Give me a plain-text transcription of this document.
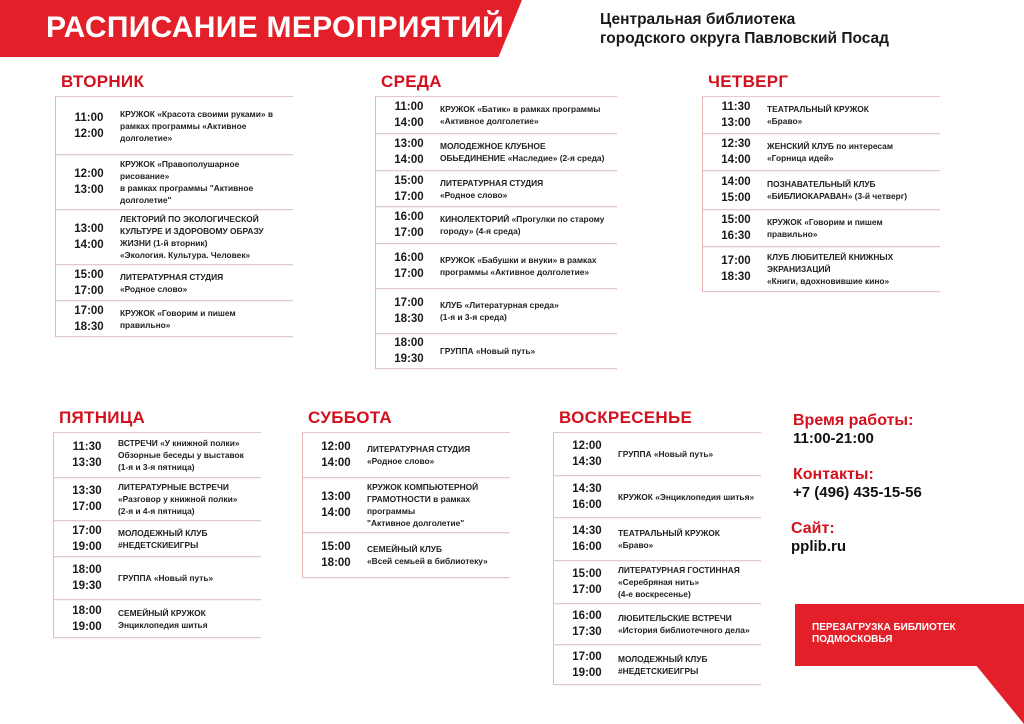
РАСПИСАНИЕ МЕРОПРИЯТИЙ	Центральная библиотека
городского округа Павловский Посад
ВТОРНИК
11:00
12:00
КРУЖОК «Красота своими руками» в
рамках программы «Активное
долголетие»
12:00
13:00
КРУЖОК «Правополушарное
рисование»
в рамках программы "Активное
долголетие"
13:00
14:00
ЛЕКТОРИЙ ПО ЭКОЛОГИЧЕСКОЙ
КУЛЬТУРЕ И ЗДОРОВОМУ ОБРАЗУ
ЖИЗНИ (1-й вторник)
«Экология. Культура. Человек»
15:00
17:00
ЛИТЕРАТУРНАЯ СТУДИЯ
«Родное слово»
17:00
18:30
КРУЖОК «Говорим и пишем
правильно»
СРЕДА
11:00
14:00
КРУЖОК «Батик» в рамках программы
«Активное долголетие»
13:00
14:00
МОЛОДЕЖНОЕ КЛУБНОЕ
ОБЬЕДИНЕНИЕ «Наследие» (2-я среда)
15:00
17:00
ЛИТЕРАТУРНАЯ СТУДИЯ
«Родное слово»
16:00
17:00
КИНОЛЕКТОРИЙ «Прогулки по старому
городу» (4-я среда)
16:00
17:00
КРУЖОК «Бабушки и внуки» в рамках
программы «Активное долголетие»
17:00
18:30
КЛУБ «Литературная среда»
(1-я и 3-я среда)
18:00
19:30
ГРУППА «Новый путь»
ЧЕТВЕРГ
11:30
13:00
ТЕАТРАЛЬНЫЙ КРУЖОК
«Браво»
12:30
14:00
ЖЕНСКИЙ КЛУБ по интересам
«Горница идей»
14:00
15:00
ПОЗНАВАТЕЛЬНЫЙ КЛУБ
«БИБЛИОКАРАВАН» (3-й четверг)
15:00
16:30
КРУЖОК «Говорим и пишем
правильно»
17:00
18:30
КЛУБ ЛЮБИТЕЛЕЙ КНИЖНЫХ
ЭКРАНИЗАЦИЙ
«Книги, вдохновившие кино»
ПЯТНИЦА
11:30
13:30
ВСТРЕЧИ «У книжной полки»
Обзорные беседы у выставок
(1-я и 3-я пятница)
13:30
17:00
ЛИТЕРАТУРНЫЕ ВСТРЕЧИ
«Разговор у книжной полки»
(2-я и 4-я пятница)
17:00
19:00
МОЛОДЕЖНЫЙ КЛУБ
#НЕДЕТСКИЕИГРЫ
18:00
19:30
ГРУППА «Новый путь»
18:00
19:00
СЕМЕЙНЫЙ КРУЖОК
Энциклопедия шитья
СУББОТА
12:00
14:00
ЛИТЕРАТУРНАЯ СТУДИЯ
«Родное слово»
13:00
14:00
КРУЖОК КОМПЬЮТЕРНОЙ
ГРАМОТНОСТИ в рамках программы
"Активное долголетие"
15:00
18:00
СЕМЕЙНЫЙ КЛУБ
«Всей семьей в библиотеку»
ВОСКРЕСЕНЬЕ
12:00
14:30
ГРУППА «Новый путь»
14:30
16:00
КРУЖОК «Энциклопедия шитья»
14:30
16:00
ТЕАТРАЛЬНЫЙ КРУЖОК
«Браво»
15:00
17:00
ЛИТЕРАТУРНАЯ ГОСТИННАЯ
«Серебряная нить»
(4-е воскресенье)
16:00
17:30
ЛЮБИТЕЛЬСКИЕ ВСТРЕЧИ
«История библиотечного дела»
17:00
19:00
МОЛОДЕЖНЫЙ КЛУБ
#НЕДЕТСКИЕИГРЫ
Время работы:
11:00-21:00
Контакты:
+7 (496) 435-15-56
Сайт:
pplib.ru
ПЕРЕЗАГРУЗКА БИБЛИОТЕК
ПОДМОСКОВЬЯ
